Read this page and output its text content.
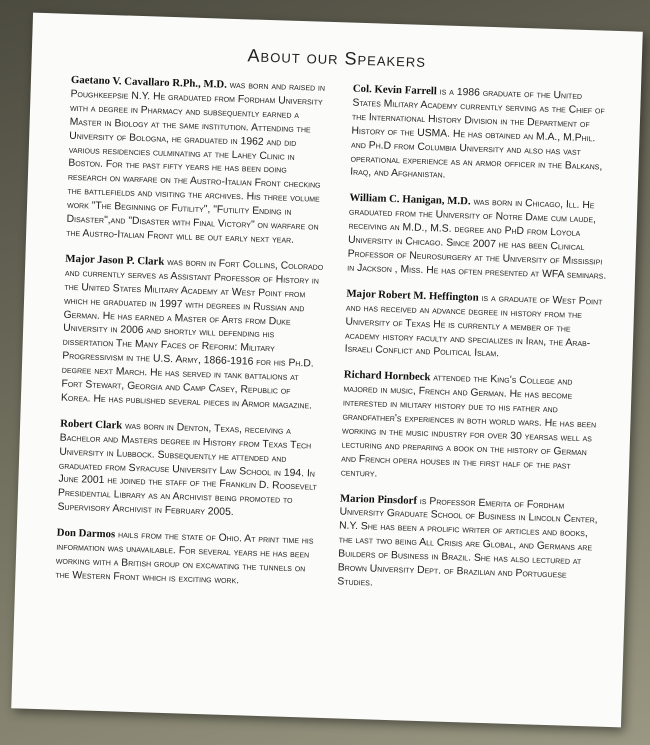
About our Speakers

Gaetano V. Cavallaro R.Ph., M.D. was born and raised in Poughkeepsie N.Y. He graduated from Fordham University with a degree in Pharmacy and subsequently earned a Master in Biology at the same institution. Attending the University of Bologna, he graduated in 1962 and did various residencies culminating at the Lahey Clinic in Boston. For the past fifty years he has been doing research on warfare on the Austro-Italian Front checking the battlefields and visiting the archives. His three volume work "The Beginning of Futility", "Futility Ending in Disaster",and "Disaster with Final Victory" on warfare on the Austro-Italian Front will be out early next year.

Major Jason P. Clark was born in Fort Collins, Colorado and currently serves as Assistant Professor of History in the United States Military Academy at West Point from which he graduated in 1997 with degrees in Russian and German. He has earned a Master of Arts from Duke University in 2006 and shortly will defending his dissertation The Many Faces of Reform: Military Progressivism in the U.S. Army, 1866-1916 for his Ph.D. degree next March. He has served in tank battalions at Fort Stewart, Georgia and Camp Casey, Republic of Korea. He has published several pieces in Armor magazine.

Robert Clark was born in Denton, Texas, receiving a Bachelor and Masters degree in History from Texas Tech University in Lubbock. Subsequently he attended and graduated from Syracuse University Law School in 194. In June 2001 he joined the staff of the Franklin D. Roosevelt Presidential Library as an Archivist being promoted to Supervisory Archivist in February 2005.

Don Darmos hails from the state of Ohio. At print time his information was unavailable. For several years he has been working with a British group on excavating the tunnels on the Western Front which is exciting work.

Col. Kevin Farrell is a 1986 graduate of the United States Military Academy currently serving as the Chief of the International History Division in the Department of History of the USMA. He has obtained an M.A., M.Phil. and Ph.D from Columbia University and also has vast operational experience as an armor officer in the Balkans, Iraq, and Afghanistan.

William C. Hanigan, M.D. was born in Chicago, Ill. He graduated from the University of Notre Dame cum laude, receiving an M.D., M.S. degree and PhD from Loyola University in Chicago. Since 2007 he has been Clinical Professor of Neurosurgery at the University of Mississipi in Jackson , Miss. He has often presented at WFA seminars.

Major Robert M. Heffington is a graduate of West Point and has received an advance degree in history from the University of Texas He is currently a member of the academy history faculty and specializes in Iran, the Arab-Israeli Conflict and Political Islam.

Richard Hornbeck attended the King's College and majored in music, French and German. He has become interested in military history due to his father and grandfather's experiences in both world wars. He has been working in the music industry for over 30 yearsas well as lecturing and preparing a book on the history of German and French opera houses in the first half of the past century.

Marion Pinsdorf is Professor Emerita of Fordham University Graduate School of Business in Lincoln Center, N.Y. She has been a prolific writer of articles and books, the last two being All Crisis are Global, and Germans are Builders of Business in Brazil. She has also lectured at Brown University Dept. of Brazilian and Portuguese Studies.
